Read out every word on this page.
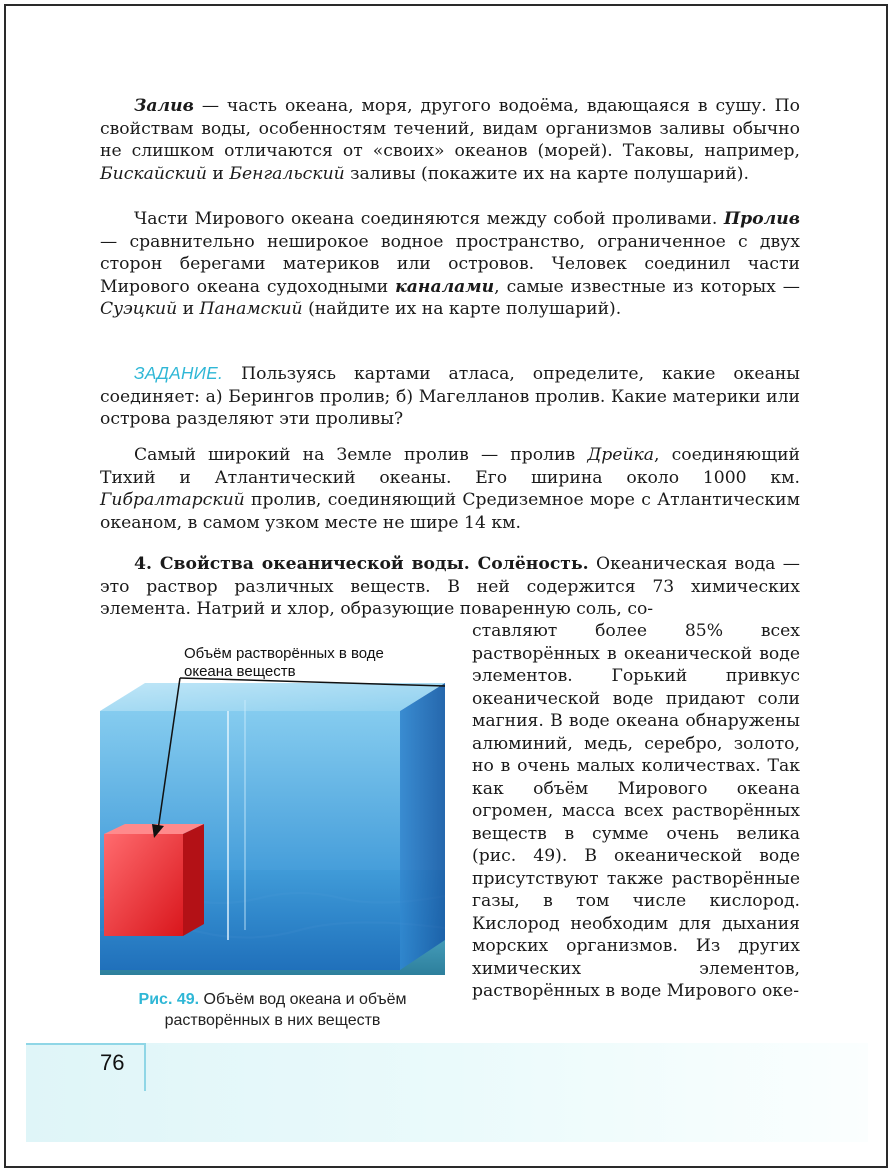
76

Залив — часть океана, моря, другого водоёма, вдающаяся в сушу. По свойствам воды, особенностям течений, видам организмов заливы обычно не слишком отличаются от «своих» океанов (морей). Таковы, например, Бискайский и Бенгальский заливы (покажите их на карте полушарий).

Части Мирового океана соединяются между собой проливами. Пролив — сравнительно неширокое водное пространство, ограниченное с двух сторон берегами материков или островов. Человек соединил части Мирового океана судоходными каналами, самые известные из которых — Суэцкий и Панамский (найдите их на карте полушарий).

ЗАДАНИЕ. Пользуясь картами атласа, определите, какие океаны соединяет: а) Берингов пролив; б) Магелланов пролив. Какие материки или острова разделяют эти проливы?

Самый широкий на Земле пролив — пролив Дрейка, соединяющий Тихий и Атлантический океаны. Его ширина около 1000 км. Гибралтарский пролив, соединяющий Средиземное море с Атлантическим океаном, в самом узком месте не шире 14 км.

4. Свойства океанической воды. Солёность. Океаническая вода — это раствор различных веществ. В ней содержится 73 химических элемента. Натрий и хлор, образующие поваренную соль, со-

ставляют более 85% всех растворённых в океанической воде элементов. Горький привкус океанической воде придают соли магния. В воде океана обнаружены алюминий, медь, серебро, золото, но в очень малых количествах. Так как объём Мирового океана огромен, масса всех растворённых веществ в сумме очень велика (рис. 49). В океанической воде присутствуют также растворённые газы, в том числе кислород. Кислород необходим для дыхания морских организмов. Из других химических элементов, растворённых в воде Мирового оке-
Объём растворённых в воде
океана веществ
Рис. 49. Объём вод океана и объём
растворённых в них веществ
